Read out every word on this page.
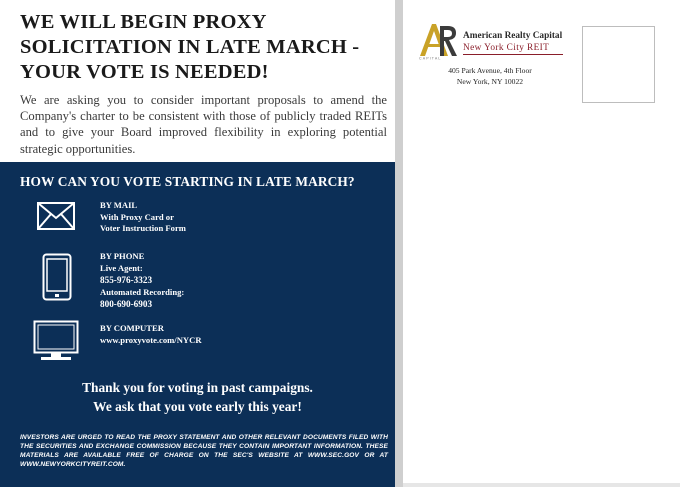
WE WILL BEGIN PROXY
SOLICITATION IN LATE MARCH -
YOUR VOTE IS NEEDED!

We are asking you to consider important proposals to amend the Company's charter to be consistent with those of publicly traded REITs and to give your Board improved flexibility in exploring potential strategic opportunities.

HOW CAN YOU VOTE STARTING IN LATE MARCH?
BY MAIL
With Proxy Card or
Voter Instruction Form
BY PHONE
Live Agent:
855-976-3323
Automated Recording:
800-690-6903
BY COMPUTER
www.proxyvote.com/NYCR
Thank you for voting in past campaigns.
We ask that you vote early this year!

INVESTORS ARE URGED TO READ THE PROXY STATEMENT AND OTHER RELEVANT DOCUMENTS FILED WITH THE SECURITIES AND EXCHANGE COMMISSION BECAUSE THEY CONTAIN IMPORTANT INFORMATION. THESE MATERIALS ARE AVAILABLE FREE OF CHARGE ON THE SEC'S WEBSITE AT WWW.SEC.GOV OR AT WWW.NEWYORKCITYREIT.COM.

CAPITAL
American Realty Capital
New York City REIT
405 Park Avenue, 4th Floor
New York, NY 10022
